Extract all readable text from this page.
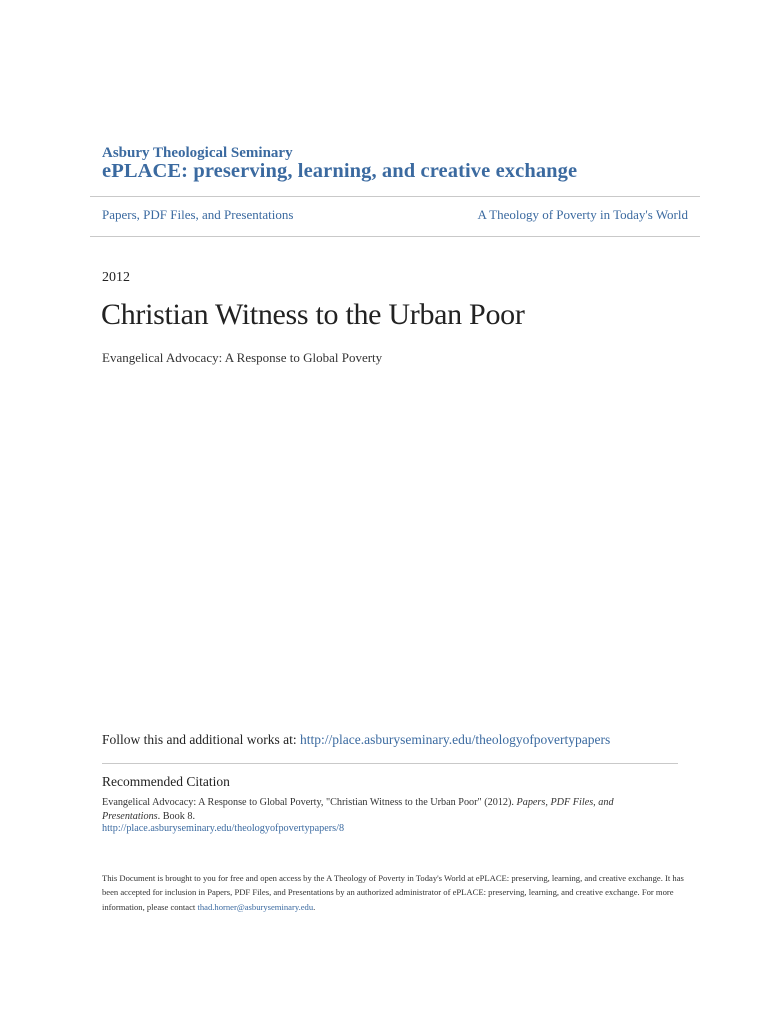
Asbury Theological Seminary
ePLACE: preserving, learning, and creative exchange
Papers, PDF Files, and Presentations	A Theology of Poverty in Today's World
2012
Christian Witness to the Urban Poor
Evangelical Advocacy: A Response to Global Poverty
Follow this and additional works at: http://place.asburyseminary.edu/theologyofpovertypapers
Recommended Citation
Evangelical Advocacy: A Response to Global Poverty, "Christian Witness to the Urban Poor" (2012). Papers, PDF Files, and Presentations. Book 8.
http://place.asburyseminary.edu/theologyofpovertypapers/8
This Document is brought to you for free and open access by the A Theology of Poverty in Today's World at ePLACE: preserving, learning, and creative exchange. It has been accepted for inclusion in Papers, PDF Files, and Presentations by an authorized administrator of ePLACE: preserving, learning, and creative exchange. For more information, please contact thad.horner@asburyseminary.edu.
